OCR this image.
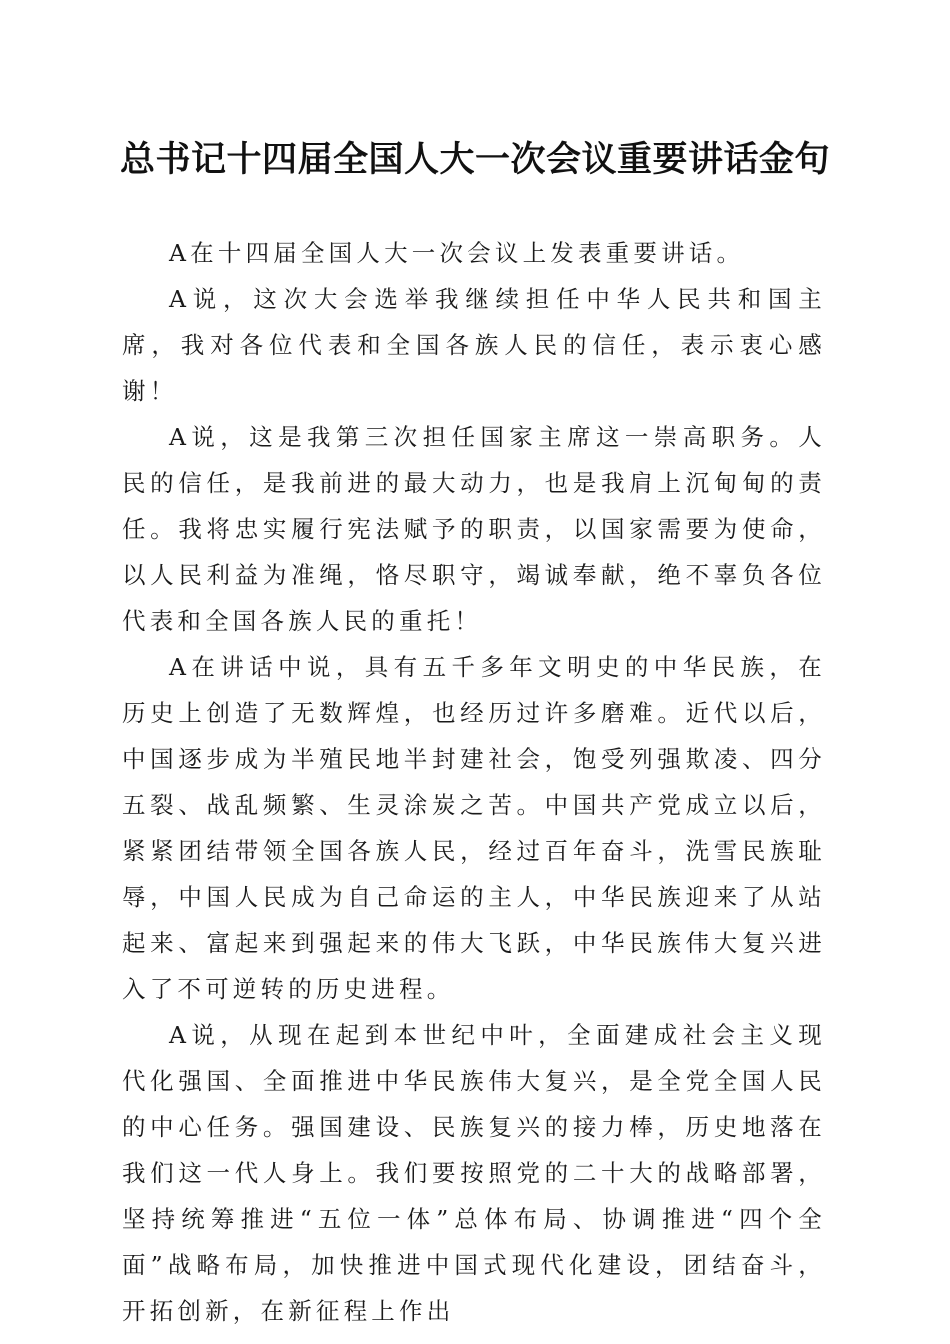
总书记十四届全国人大一次会议重要讲话金句

A在十四届全国人大一次会议上发表重要讲话。

A说，这次大会选举我继续担任中华人民共和国主席，我对各位代表和全国各族人民的信任，表示衷心感谢！

A说，这是我第三次担任国家主席这一崇高职务。人民的信任，是我前进的最大动力，也是我肩上沉甸甸的责任。我将忠实履行宪法赋予的职责，以国家需要为使命，以人民利益为准绳，恪尽职守，竭诚奉献，绝不辜负各位代表和全国各族人民的重托！

A在讲话中说，具有五千多年文明史的中华民族，在历史上创造了无数辉煌，也经历过许多磨难。近代以后，中国逐步成为半殖民地半封建社会，饱受列强欺凌、四分五裂、战乱频繁、生灵涂炭之苦。中国共产党成立以后，紧紧团结带领全国各族人民，经过百年奋斗，洗雪民族耻辱，中国人民成为自己命运的主人，中华民族迎来了从站起来、富起来到强起来的伟大飞跃，中华民族伟大复兴进入了不可逆转的历史进程。

A说，从现在起到本世纪中叶，全面建成社会主义现代化强国、全面推进中华民族伟大复兴，是全党全国人民的中心任务。强国建设、民族复兴的接力棒，历史地落在我们这一代人身上。我们要按照党的二十大的战略部署，坚持统筹推进“五位一体”总体布局、协调推进“四个全面”战略布局，加快推进中国式现代化建设，团结奋斗，开拓创新，在新征程上作出
